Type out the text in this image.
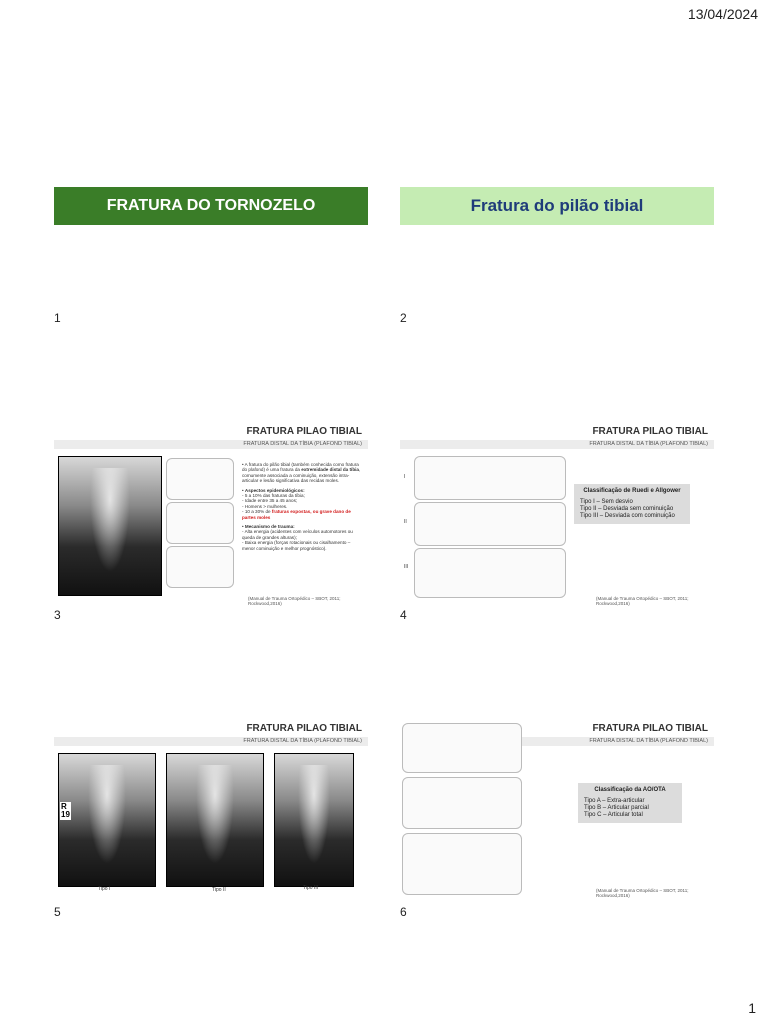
13/04/2024
FRATURA DO TORNOZELO
1
Fratura do pilão tibial
2
FRATURA PILAO TIBIAL
FRATURA DISTAL DA TÍBIA (PLAFOND TIBIAL)
• A fratura do pilão tibial (também conhecida como fratura do plafond) é uma fratura da extremidade distal da tíbia, comumente associada a cominuição, extensão intra-articular e lesão significativa das recidas moles.
• Aspectos epidemiológicos:
- 5 a 10% das fraturas da tíbia;
- Idade entre 35 a 45 anos;
- Homens > mulheres.
- 10 a 30% de fraturas expostas, ou grave dano de partes moles
• Mecanismo de trauma:
- Alta energia (acidentes com veículos automotores ou queda de grandes alturas);
- Baixa energia (forças rotacionais ou cisalhamento – menor cominuição e melhor prognóstico).
(Manual de Trauma Ortopédico – SBOT, 2011; Rockwood,2016)
3
FRATURA PILAO TIBIAL
FRATURA DISTAL DA TÍBIA (PLAFOND TIBIAL)
I
II
III
Classificação de Ruedi e Allgower
Tipo I – Sem desvio
Tipo II – Desviada sem cominuição
Tipo III – Desviada com cominuição
(Manual de Trauma Ortopédico – SBOT, 2011; Rockwood,2016)
4
FRATURA PILAO TIBIAL
FRATURA DISTAL DA TÍBIA (PLAFOND TIBIAL)
R
19
Tipo I	Tipo II	Tipo III
5
FRATURA PILAO TIBIAL
FRATURA DISTAL DA TÍBIA (PLAFOND TIBIAL)
Classificação da AO/OTA
Tipo A – Extra-articular
Tipo B – Articular parcial
Tipo C – Articular total
(Manual de Trauma Ortopédico – SBOT, 2011; Rockwood,2016)
6
1
